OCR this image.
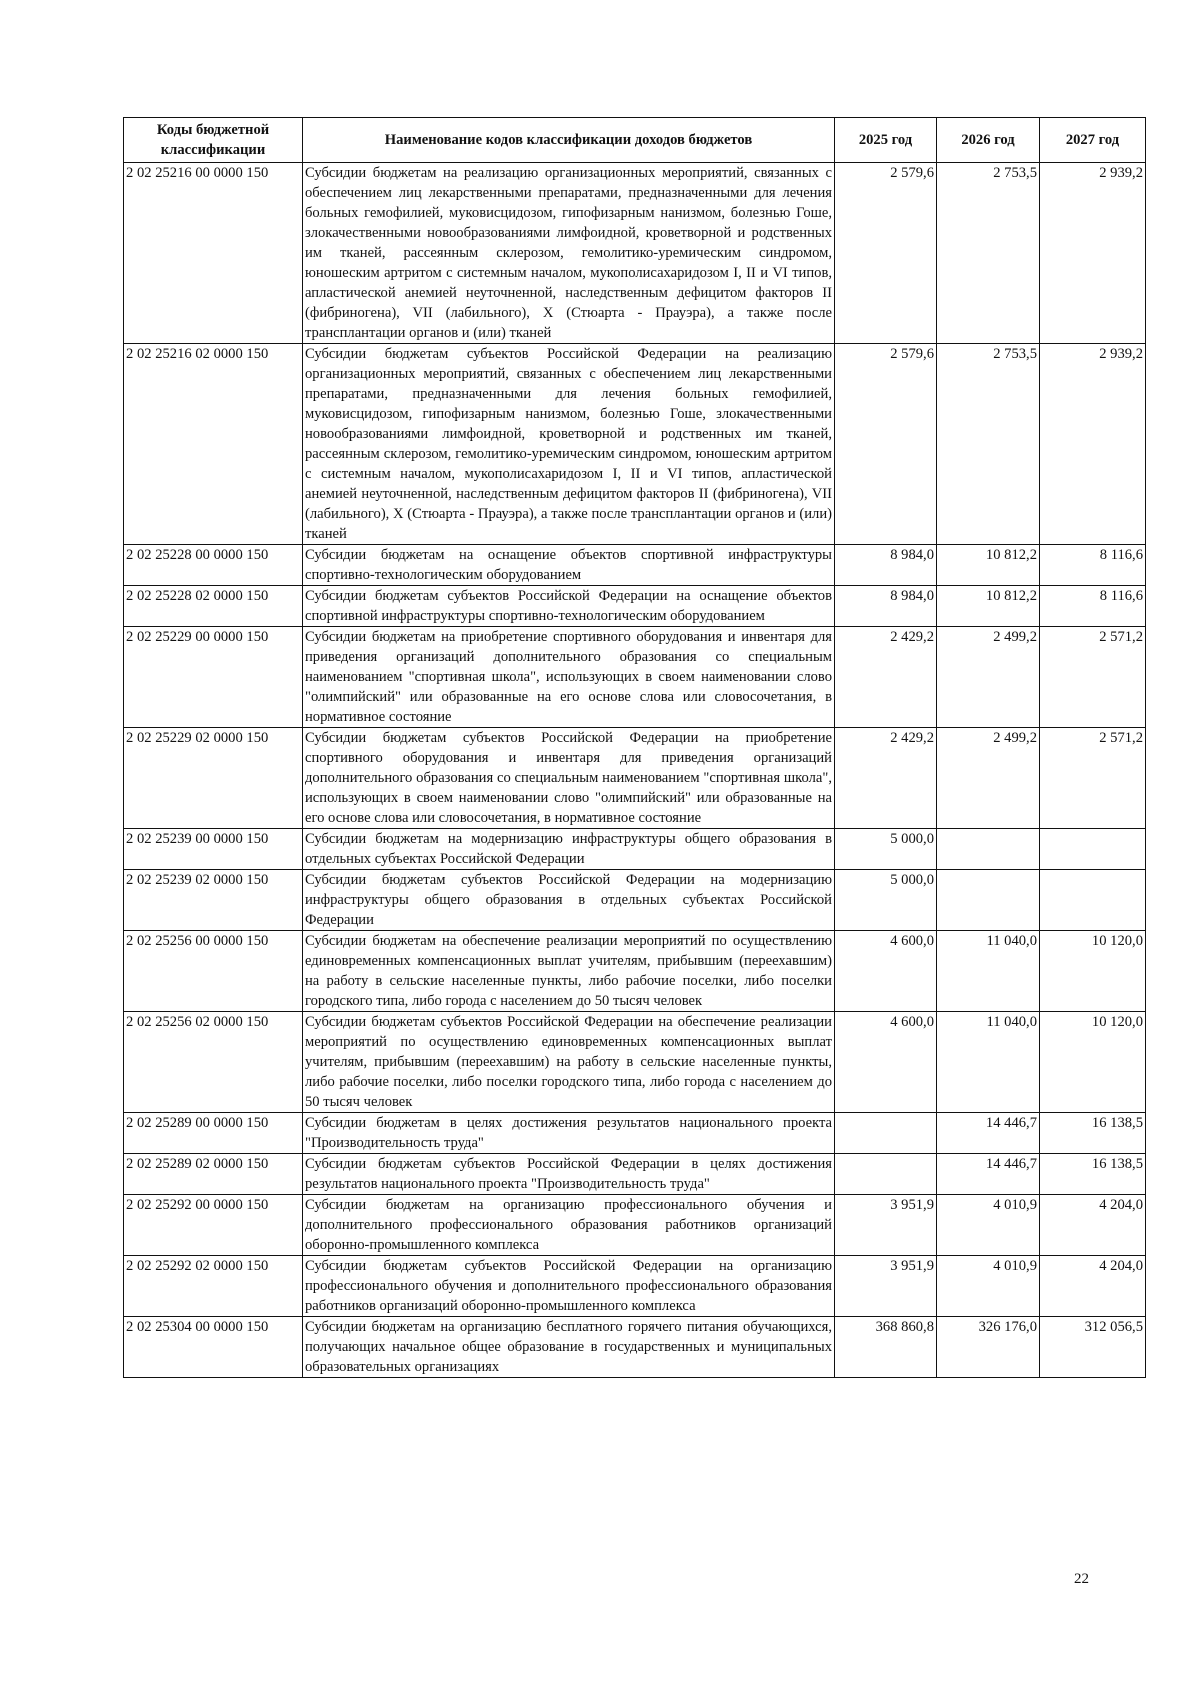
Коды бюджетной классификации	Наименование кодов классификации доходов бюджетов	2025 год	2026 год	2027 год
2 02 25216 00 0000 150	Субсидии бюджетам на реализацию организационных мероприятий, связанных с обеспечением лиц лекарственными препаратами, предназначенными для лечения больных гемофилией, муковисцидозом, гипофизарным нанизмом, болезнью Гоше, злокачественными новообразованиями лимфоидной, кроветворной и родственных им тканей, рассеянным склерозом, гемолитико-уремическим синдромом, юношеским артритом с системным началом, мукополисахаридозом I, II и VI типов, апластической анемией неуточненной, наследственным дефицитом факторов II (фибриногена), VII (лабильного), X (Стюарта - Прауэра), а также после трансплантации органов и (или) тканей	2 579,6	2 753,5	2 939,2
2 02 25216 02 0000 150	Субсидии бюджетам субъектов Российской Федерации на реализацию организационных мероприятий, связанных с обеспечением лиц лекарственными препаратами, предназначенными для лечения больных гемофилией, муковисцидозом, гипофизарным нанизмом, болезнью Гоше, злокачественными новообразованиями лимфоидной, кроветворной и родственных им тканей, рассеянным склерозом, гемолитико-уремическим синдромом, юношеским артритом с системным началом, мукополисахаридозом I, II и VI типов, апластической анемией неуточненной, наследственным дефицитом факторов II (фибриногена), VII (лабильного), X (Стюарта - Прауэра), а также после трансплантации органов и (или) тканей	2 579,6	2 753,5	2 939,2
2 02 25228 00 0000 150	Субсидии бюджетам на оснащение объектов спортивной инфраструктуры спортивно-технологическим оборудованием	8 984,0	10 812,2	8 116,6
2 02 25228 02 0000 150	Субсидии бюджетам субъектов Российской Федерации на оснащение объектов спортивной инфраструктуры спортивно-технологическим оборудованием	8 984,0	10 812,2	8 116,6
2 02 25229 00 0000 150	Субсидии бюджетам на приобретение спортивного оборудования и инвентаря для приведения организаций дополнительного образования со специальным наименованием "спортивная школа", использующих в своем наименовании слово "олимпийский" или образованные на его основе слова или словосочетания, в нормативное состояние	2 429,2	2 499,2	2 571,2
2 02 25229 02 0000 150	Субсидии бюджетам субъектов Российской Федерации на приобретение спортивного оборудования и инвентаря для приведения организаций дополнительного образования со специальным наименованием "спортивная школа", использующих в своем наименовании слово "олимпийский" или образованные на его основе слова или словосочетания, в нормативное состояние	2 429,2	2 499,2	2 571,2
2 02 25239 00 0000 150	Субсидии бюджетам на модернизацию инфраструктуры общего образования в отдельных субъектах Российской Федерации	5 000,0		
2 02 25239 02 0000 150	Субсидии бюджетам субъектов Российской Федерации на модернизацию инфраструктуры общего образования в отдельных субъектах Российской Федерации	5 000,0		
2 02 25256 00 0000 150	Субсидии бюджетам на обеспечение реализации мероприятий по осуществлению единовременных компенсационных выплат учителям, прибывшим (переехавшим) на работу в сельские населенные пункты, либо рабочие поселки, либо поселки городского типа, либо города с населением до 50 тысяч человек	4 600,0	11 040,0	10 120,0
2 02 25256 02 0000 150	Субсидии бюджетам субъектов Российской Федерации на обеспечение реализации мероприятий по осуществлению единовременных компенсационных выплат учителям, прибывшим (переехавшим) на работу в сельские населенные пункты, либо рабочие поселки, либо поселки городского типа, либо города с населением до 50 тысяч человек	4 600,0	11 040,0	10 120,0
2 02 25289 00 0000 150	Субсидии бюджетам в целях достижения результатов национального проекта "Производительность труда"		14 446,7	16 138,5
2 02 25289 02 0000 150	Субсидии бюджетам субъектов Российской Федерации в целях достижения результатов национального проекта "Производительность труда"		14 446,7	16 138,5
2 02 25292 00 0000 150	Субсидии бюджетам на организацию профессионального обучения и дополнительного профессионального образования работников организаций оборонно-промышленного комплекса	3 951,9	4 010,9	4 204,0
2 02 25292 02 0000 150	Субсидии бюджетам субъектов Российской Федерации на организацию профессионального обучения и дополнительного профессионального образования работников организаций оборонно-промышленного комплекса	3 951,9	4 010,9	4 204,0
2 02 25304 00 0000 150	Субсидии бюджетам на организацию бесплатного горячего питания обучающихся, получающих начальное общее образование в государственных и муниципальных образовательных организациях	368 860,8	326 176,0	312 056,5
22
